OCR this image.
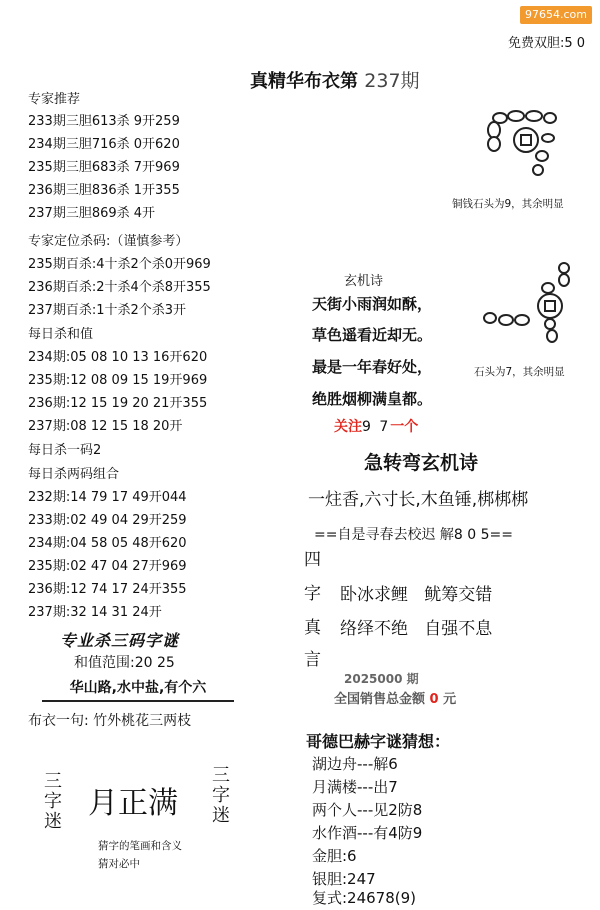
97654.com
免费双胆:5 0
真精华布衣第 237期
专家推荐
233期三胆613杀 9开259
234期三胆716杀 0开620
235期三胆683杀 7开969
236期三胆836杀 1开355
237期三胆869杀 4开
专家定位杀码:（谨慎参考）
235期百杀:4十杀2个杀0开969
236期百杀:2十杀4个杀8开355
237期百杀:1十杀2个杀3开
每日杀和值
234期:05 08 10 13 16开620
235期:12 08 09 15 19开969
236期:12 15 19 20 21开355
237期:08 12 15 18 20开
每日杀一码2
每日杀两码组合
232期:14 79 17 49开044
233期:02 49 04 29开259
234期:04 58 05 48开620
235期:02 47 04 27开969
236期:12 74 17 24开355
237期:32 14 31 24开
专业杀三码字谜
和值范围:20 25
华山路,水中盐,有个六
布衣一句: 竹外桃花三两枝
三字迷
月正满
三字迷
猜字的笔画和含义
猜对必中
铜钱石头为9，其余明显
石头为7，其余明显
玄机诗
天街小雨润如酥，
草色遥看近却无。
最是一年春好处，
绝胜烟柳满皇都。
关注9 7一个
急转弯玄机诗
一炷香,六寸长,木鱼锤,梆梆梆
==自是寻春去校迟 解8 0 5==
四
字
真
言
卧冰求鲤   鱿筹交错
络绎不绝   自强不息
2025000 期
全国销售总金额 0 元
哥德巴赫字谜猜想：
湖边舟---解6
月满楼---出7
两个人---见2防8
水作酒---有4防9
金胆:6
银胆:247
复式:24678(9)
